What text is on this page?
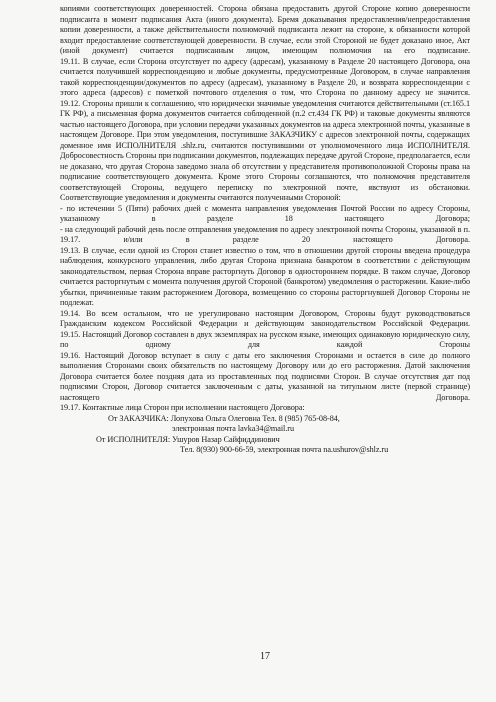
копиями соответствующих доверенностей. Сторона обязана предоставить другой Стороне копию доверенности подписанта в момент подписания Акта (иного документа). Бремя доказывания предоставления/непредоставления копии доверенности, а также действительности полномочий подписанта лежит на стороне, к обязанности которой входит предоставление соответствующей доверенности. В случае, если этой Стороной не будет доказано иное, Акт (иной документ) считается подписанным лицом, имеющим полномочия на его подписание.

19.11. В случае, если Сторона отсутствует по адресу (адресам), указанному в Разделе 20 настоящего Договора, она считается получившей корреспонденцию и любые документы, предусмотренные Договором, в случае направления такой корреспонденции/документов по адресу (адресам), указанному в Разделе 20, и возврата корреспонденции с этого адреса (адресов) с пометкой почтового отделения о том, что Сторона по данному адресу не значится.

19.12. Стороны пришли к соглашению, что юридически значимые уведомления считаются действительными (ст.165.1 ГК РФ), а письменная форма документов считается соблюденной (п.2 ст.434 ГК РФ) и таковые документы являются частью настоящего Договора, при условии передачи указанных документов на адреса электронной почты, указанные в настоящем Договоре. При этом уведомления, поступившие ЗАКАЗЧИКУ с адресов электронной почты, содержащих доменное имя ИСПОЛНИТЕЛЯ .shlz.ru, считаются поступившими от уполномоченного лица ИСПОЛНИТЕЛЯ.

Добросовестность Стороны при подписании документов, подлежащих передаче другой Стороне, предполагается, если не доказано, что другая Сторона заведомо знала об отсутствии у представителя противоположной Стороны права на подписание соответствующего документа. Кроме этого Стороны соглашаются, что полномочия представителя соответствующей Стороны, ведущего переписку по электронной почте, явствуют из обстановки.

Соответствующие уведомления и документы считаются полученными Стороной:

- по истечении 5 (Пяти) рабочих дней с момента направления уведомления Почтой России по адресу Стороны, указанному в разделе 18 настоящего Договора;

- на следующий рабочий день после отправления уведомления по адресу электронной почты Стороны, указанной в п. 19.17. и/или в разделе 20 настоящего Договора.

19.13. В случае, если одной из Сторон станет известно о том, что в отношении другой стороны введена процедура наблюдения, конкурсного управления, либо другая Сторона признана банкротом в соответствии с действующим законодательством, первая Сторона вправе расторгнуть Договор в одностороннем порядке. В таком случае, Договор считается расторгнутым с момента получения другой Стороной (банкротом) уведомления о расторжении. Какие-либо убытки, причиненные таким расторжением Договора, возмещению со стороны расторгнувшей Договор Стороны не подлежат.

19.14. Во всем остальном, что не урегулировано настоящим Договором, Стороны будут руководствоваться Гражданским кодексом Российской Федерации и действующим законодательством Российской Федерации.

19.15. Настоящий Договор составлен в двух экземплярах на русском языке, имеющих одинаковую юридическую силу, по одному для каждой Стороны

19.16. Настоящий Договор вступает в силу с даты его заключения Сторонами и остается в силе до полного выполнения Сторонами своих обязательств по настоящему Договору или до его расторжения. Датой заключения Договора считается более поздняя дата из проставленных под подписями Сторон. В случае отсутствия дат под подписями Сторон, Договор считается заключенным с даты, указанной на титульном листе (первой странице) настоящего Договора.

19.17. Контактные лица Сторон при исполнении настоящего Договора:

От ЗАКАЗЧИКА: Лопухова Ольга Олеговна Тел. 8 (985) 765-08-84,
электронная почта lavka34@mail.ru
От ИСПОЛНИТЕЛЯ: Ушуров Назар Сайфиддинович
Тел. 8(930) 900-66-59, электронная почта na.ushurov@shlz.ru
17
